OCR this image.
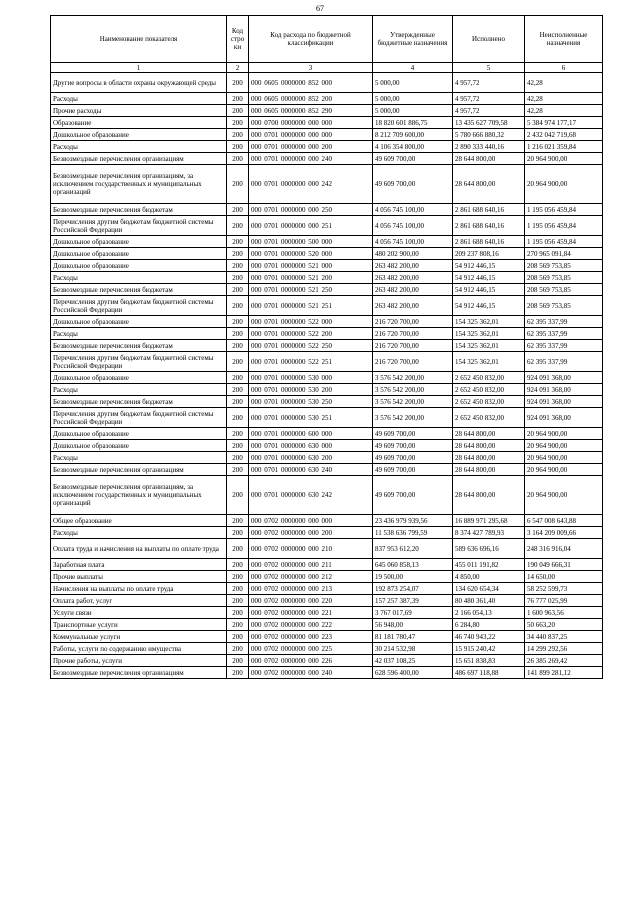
67
Наименование показателя	Код стро ки	Код расхода по бюджетной классификации	Утвержденные бюджетные назначения	Исполнено	Неисполненные назначения
1	2	3	4	5	6
Другие вопросы в области охраны окружающей среды	200	000 0605 0000000 852 000	5 000,00	4 957,72	42,28
Расходы	200	000 0605 0000000 852 200	5 000,00	4 957,72	42,28
Прочие расходы	200	000 0605 0000000 852 290	5 000,00	4 957,72	42,28
Образование	200	000 0700 0000000 000 000	18 820 601 886,75	13 435 627 709,58	5 384 974 177,17
Дошкольное образование	200	000 0701 0000000 000 000	8 212 709 600,00	5 780 666 880,32	2 432 042 719,68
Расходы	200	000 0701 0000000 000 200	4 106 354 800,00	2 890 333 440,16	1 216 021 359,84
Безвозмездные перечисления организациям	200	000 0701 0000000 000 240	49 609 700,00	28 644 800,00	20 964 900,00
Безвозмездные перечисления организациям, за исключением государственных и муниципальных организаций	200	000 0701 0000000 000 242	49 609 700,00	28 644 800,00	20 964 900,00
Безвозмездные перечисления бюджетам	200	000 0701 0000000 000 250	4 056 745 100,00	2 861 688 640,16	1 195 056 459,84
Перечисления другим бюджетам бюджетной системы Российской Федерации	200	000 0701 0000000 000 251	4 056 745 100,00	2 861 688 640,16	1 195 056 459,84
Дошкольное образование	200	000 0701 0000000 500 000	4 056 745 100,00	2 861 688 640,16	1 195 056 459,84
Дошкольное образование	200	000 0701 0000000 520 000	480 202 900,00	209 237 808,16	270 965 091,84
Дошкольное образование	200	000 0701 0000000 521 000	263 482 200,00	54 912 446,15	208 569 753,85
Расходы	200	000 0701 0000000 521 200	263 482 200,00	54 912 446,15	208 569 753,85
Безвозмездные перечисления бюджетам	200	000 0701 0000000 521 250	263 482 200,00	54 912 446,15	208 569 753,85
Перечисления другим бюджетам бюджетной системы Российской Федерации	200	000 0701 0000000 521 251	263 482 200,00	54 912 446,15	208 569 753,85
Дошкольное образование	200	000 0701 0000000 522 000	216 720 700,00	154 325 362,01	62 395 337,99
Расходы	200	000 0701 0000000 522 200	216 720 700,00	154 325 362,01	62 395 337,99
Безвозмездные перечисления бюджетам	200	000 0701 0000000 522 250	216 720 700,00	154 325 362,01	62 395 337,99
Перечисления другим бюджетам бюджетной системы Российской Федерации	200	000 0701 0000000 522 251	216 720 700,00	154 325 362,01	62 395 337,99
Дошкольное образование	200	000 0701 0000000 530 000	3 576 542 200,00	2 652 450 832,00	924 091 368,00
Расходы	200	000 0701 0000000 530 200	3 576 542 200,00	2 652 450 832,00	924 091 368,00
Безвозмездные перечисления бюджетам	200	000 0701 0000000 530 250	3 576 542 200,00	2 652 450 832,00	924 091 368,00
Перечисления другим бюджетам бюджетной системы Российской Федерации	200	000 0701 0000000 530 251	3 576 542 200,00	2 652 450 832,00	924 091 368,00
Дошкольное образование	200	000 0701 0000000 600 000	49 609 700,00	28 644 800,00	20 964 900,00
Дошкольное образование	200	000 0701 0000000 630 000	49 609 700,00	28 644 800,00	20 964 900,00
Расходы	200	000 0701 0000000 630 200	49 609 700,00	28 644 800,00	20 964 900,00
Безвозмездные перечисления организациям	200	000 0701 0000000 630 240	49 609 700,00	28 644 800,00	20 964 900,00
Безвозмездные перечисления организациям, за исключением государственных и муниципальных организаций	200	000 0701 0000000 630 242	49 609 700,00	28 644 800,00	20 964 900,00
Общее образование	200	000 0702 0000000 000 000	23 436 979 939,56	16 889 971 295,68	6 547 008 643,88
Расходы	200	000 0702 0000000 000 200	11 538 636 799,59	8 374 427 789,93	3 164 209 009,66
Оплата труда и начисления на выплаты по оплате труда	200	000 0702 0000000 000 210	837 953 612,20	589 636 696,16	248 316 916,04
Заработная плата	200	000 0702 0000000 000 211	645 060 858,13	455 011 191,82	190 049 666,31
Прочие выплаты	200	000 0702 0000000 000 212	19 500,00	4 850,00	14 650,00
Начисления на выплаты по оплате труда	200	000 0702 0000000 000 213	192 873 254,07	134 620 654,34	58 252 599,73
Оплата работ, услуг	200	000 0702 0000000 000 220	157 257 387,39	80 480 361,40	76 777 025,99
Услуги связи	200	000 0702 0000000 000 221	3 767 017,69	2 166 054,13	1 600 963,56
Транспортные услуги	200	000 0702 0000000 000 222	56 948,00	6 284,80	50 663,20
Коммунальные услуги	200	000 0702 0000000 000 223	81 181 780,47	46 740 943,22	34 440 837,25
Работы, услуги по содержанию имущества	200	000 0702 0000000 000 225	30 214 532,98	15 915 240,42	14 299 292,56
Прочие работы, услуги	200	000 0702 0000000 000 226	42 037 108,25	15 651 838,83	26 385 269,42
Безвозмездные перечисления организациям	200	000 0702 0000000 000 240	628 596 400,00	486 697 118,88	141 899 281,12
